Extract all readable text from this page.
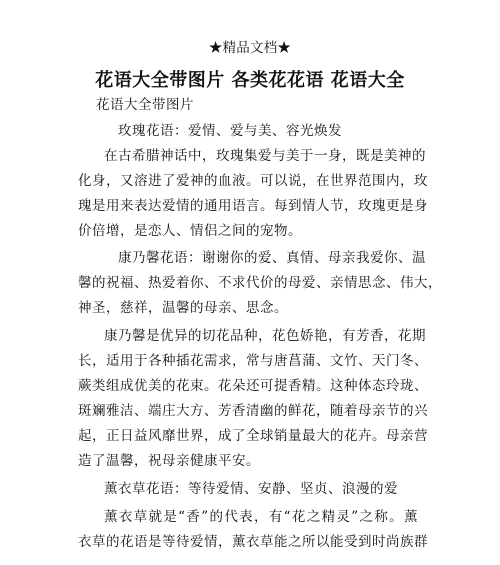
★精品文档★
花语大全带图片 各类花花语 花语大全
花语大全带图片
玫瑰花语：爱情、爱与美、容光焕发
在古希腊神话中，玫瑰集爱与美于一身，既是美神的
化身，又溶进了爱神的血液。可以说，在世界范围内，玫
瑰是用来表达爱情的通用语言。每到情人节，玫瑰更是身
价倍增，是恋人、情侣之间的宠物。
康乃馨花语：谢谢你的爱、真情、母亲我爱你、温
馨的祝福、热爱着你、不求代价的母爱、亲情思念、伟大，
神圣，慈祥，温馨的母亲、思念。
康乃馨是优异的切花品种，花色娇艳，有芳香，花期
长，适用于各种插花需求，常与唐菖蒲、文竹、天门冬、
蕨类组成优美的花束。花朵还可提香精。这种体态玲珑、
斑斓雅洁、端庄大方、芳香清幽的鲜花，随着母亲节的兴
起，正日益风靡世界，成了全球销量最大的花卉。母亲营
造了温馨，祝母亲健康平安。
薰衣草花语：等待爱情、安静、坚贞、浪漫的爱
薰衣草就是“香”的代表，有“花之精灵”之称。薰
衣草的花语是等待爱情，薰衣草能之所以能受到时尚族群
